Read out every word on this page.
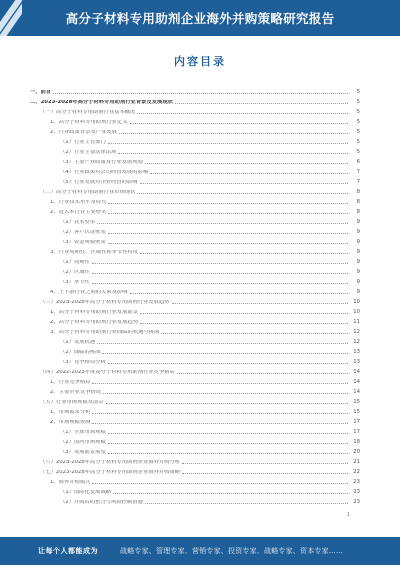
高分子材料专用助剂企业海外并购策略研究报告
内容目录
一、前言	5
二、2023-2028年高分子材料专用助剂行业背景及发展现状	5
（一）高分子材料专用助剂行业基本概况	5
1、高分子材料专用助剂行业定义	5
2、行业政策背景及产业发展	5
（1）行业主管部门	5
（2）行业主要法律法规	5
（3）主要产业政策及行业发展规划	6
（4）行业政策对公司经营发展的影响	7
（5）行业发展对企业经营的影响	7
（二）高分子材料专用助剂行业市场现状	8
1、行业技术水平及特点	8
2、进入本行业主要壁垒	8
（1）技术壁垒	9
（2）客户认证壁垒	9
（3）资金规模壁垒	9
3、行业周期性、区域性和季节性特征	9
（1）周期性	9
（2）区域性	9
（3）季节性	9
4、上下游行业之间的关系及影响	9
（三）2023-2028年高分子材料专用助剂行业发展趋势	10
1、高分子材料专用助剂行业发展前景	10
2、高分子材料专用助剂行业发展趋势	11
3、高分子材料专用助剂行业面临的机遇与挑战	12
（1）发展机遇	12
（2）面临的挑战	13
（3）竞争格局分析	13
（四）2022-2023年度高分子材料专用助剂行业竞争格局	14
1、行业竞争格局	14
2、主要企业竞争情况	14
（五）行业市场规模及前景	15
1、市场需求分析	15
2、市场规模预测	17
（1）全球市场规模	17
（2）国内市场规模	18
（3）发展前景展望	20
（六）2023-2028年高分子材料专用助剂企业海外并购分析	21
（七）2023-2028年高分子材料专用助剂企业海外并购策略	22
1、海外并购模式	23
（1）国际化发展战略	23
（2）并购后的整合与风险控制措施	23
1
让每个人都能成为	战略专家、管理专家、营销专家、投资专家、战略专家、资本专家……
